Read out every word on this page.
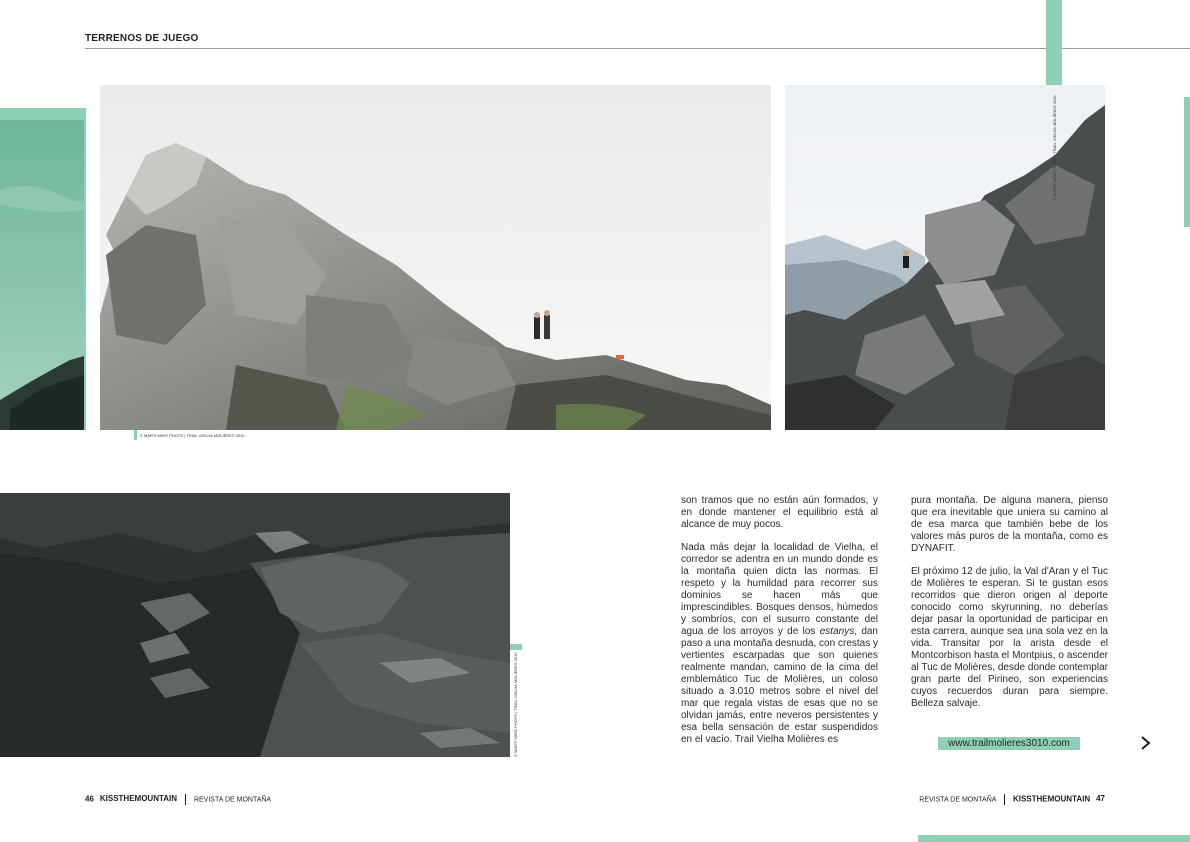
TERRENOS DE JUEGO
© MARTÍ MIRÓ PHOTO | TRAIL VIELHA MOLIÈRES 3010
© MARTÍ MIRÓ PHOTO | TRAIL VIELHA MOLIÈRES 3010
© MARTÍ MIRÓ PHOTO | TRAIL VIELHA MOLIÈRES 3010

son tramos que no están aún formados, y en donde mantener el equilibrio está al alcance de muy pocos.

Nada más dejar la localidad de Vielha, el corredor se adentra en un mundo donde es la montaña quien dicta las normas. El respeto y la humildad para recorrer sus dominios se hacen más que imprescindibles. Bosques densos, húmedos y sombríos, con el susurro constante del agua de los arroyos y de los estanys, dan paso a una montaña desnuda, con crestas y vertientes escarpadas que son quienes realmente mandan, camino de la cima del emblemático Tuc de Molières, un coloso situado a 3.010 metros sobre el nivel del mar que regala vistas de esas que no se olvidan jamás, entre neveros persistentes y esa bella sensación de estar suspendidos en el vacío. Trail Vielha Molières es

pura montaña. De alguna manera, pienso que era inevitable que uniera su camino al de esa marca que también bebe de los valores más puros de la montaña, como es DYNAFIT.

El próximo 12 de julio, la Val d'Aran y el Tuc de Molières te esperan. Si te gustan esos recorridos que dieron origen al deporte conocido como skyrunning, no deberías dejar pasar la oportunidad de participar en esta carrera, aunque sea una sola vez en la vida. Transitar por la arista desde el Montcorbison hasta el Montpius, o ascender al Tuc de Molières, desde donde contemplar gran parte del Pirineo, son experiencias cuyos recuerdos duran para siempre. Belleza salvaje.

www.trailmolieres3010.com
46 KISSTHEMOUNTAIN REVISTA DE MONTAÑA	REVISTA DE MONTAÑA KISSTHEMOUNTAIN 47
